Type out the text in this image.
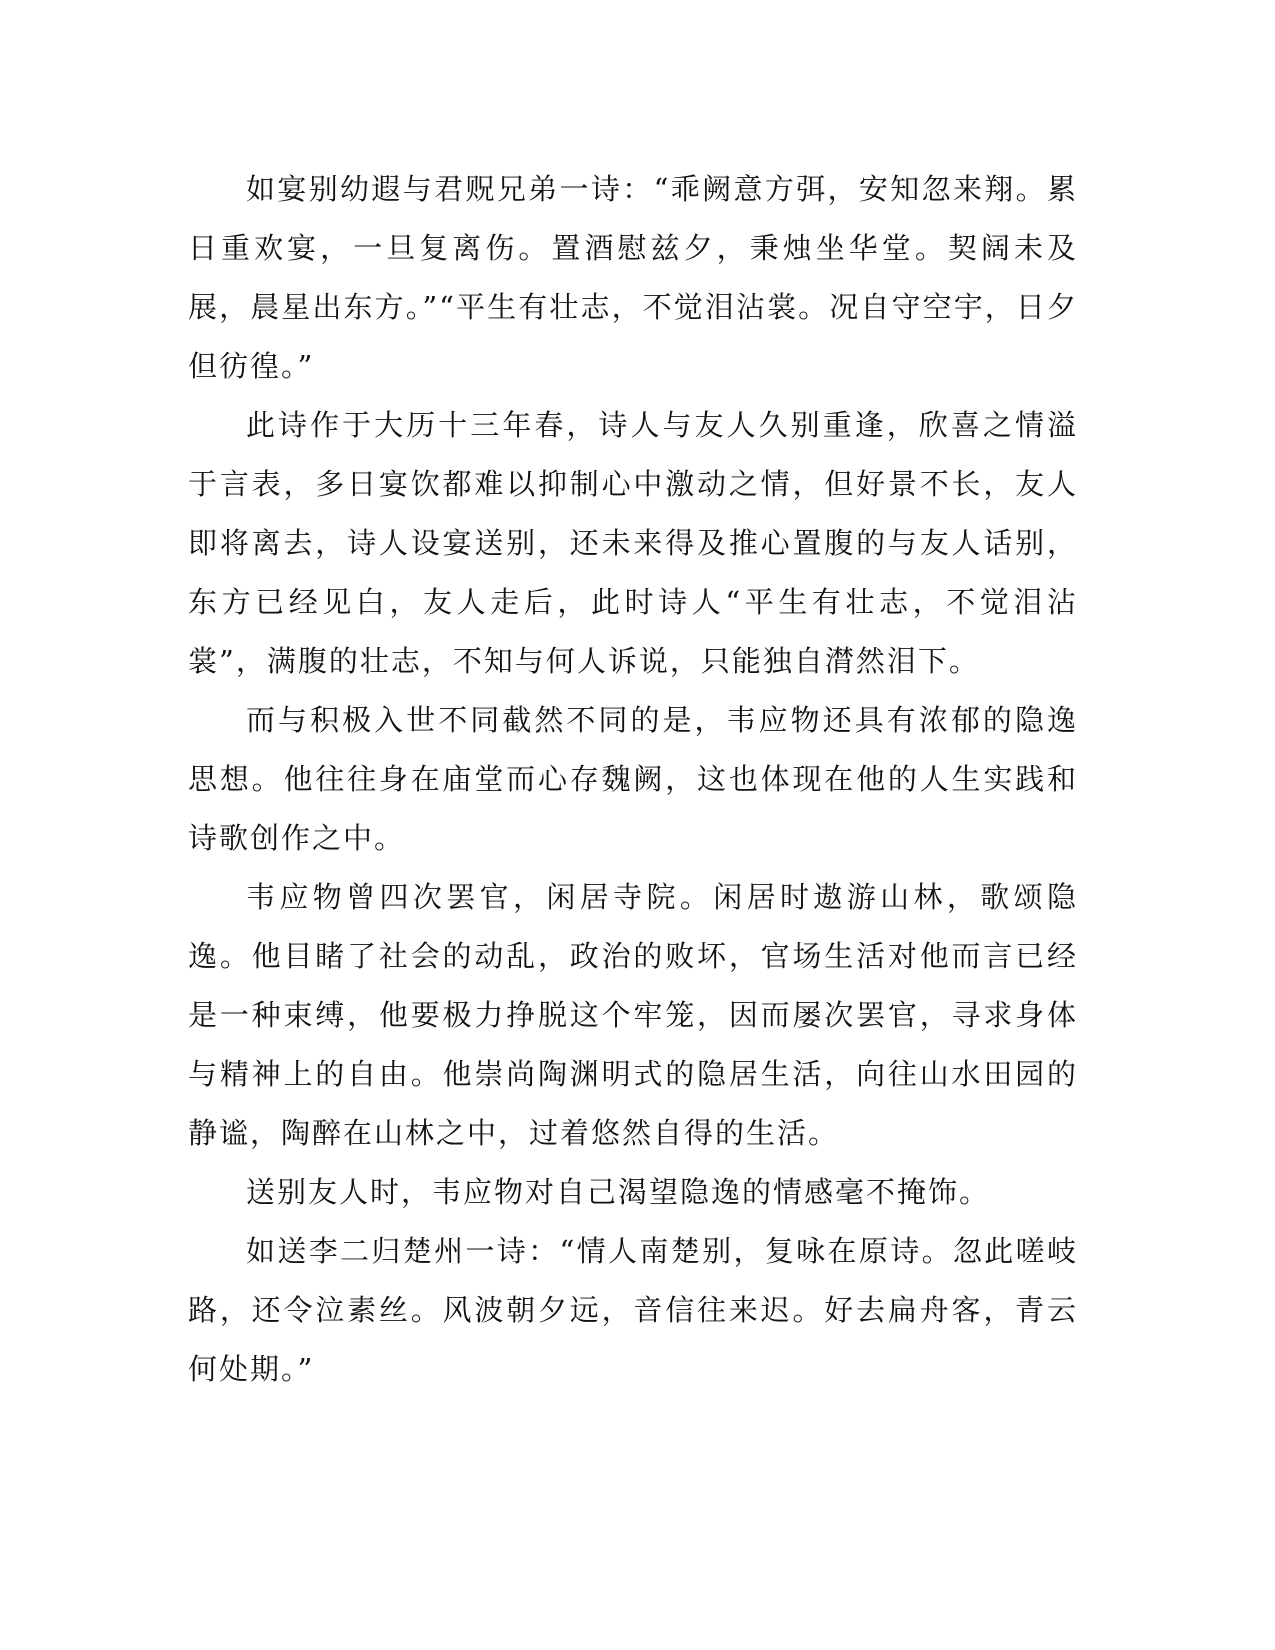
如宴别幼遐与君贶兄弟一诗：“乖阙意方弭，安知忽来翔。累日重欢宴，一旦复离伤。置酒慰兹夕，秉烛坐华堂。契阔未及展，晨星出东方。”“平生有壮志，不觉泪沾裳。况自守空宇，日夕但彷徨。”

此诗作于大历十三年春，诗人与友人久别重逢，欣喜之情溢于言表，多日宴饮都难以抑制心中激动之情，但好景不长，友人即将离去，诗人设宴送别，还未来得及推心置腹的与友人话别，东方已经见白，友人走后，此时诗人“平生有壮志，不觉泪沾裳”，满腹的壮志，不知与何人诉说，只能独自潸然泪下。

而与积极入世不同截然不同的是，韦应物还具有浓郁的隐逸思想。他往往身在庙堂而心存魏阙，这也体现在他的人生实践和诗歌创作之中。

韦应物曾四次罢官，闲居寺院。闲居时遨游山林，歌颂隐逸。他目睹了社会的动乱，政治的败坏，官场生活对他而言已经是一种束缚，他要极力挣脱这个牢笼，因而屡次罢官，寻求身体与精神上的自由。他崇尚陶渊明式的隐居生活，向往山水田园的静谧，陶醉在山林之中，过着悠然自得的生活。

送别友人时，韦应物对自己渴望隐逸的情感毫不掩饰。

如送李二归楚州一诗：“情人南楚别，复咏在原诗。忽此嗟岐路，还令泣素丝。风波朝夕远，音信往来迟。好去扁舟客，青云何处期。”
